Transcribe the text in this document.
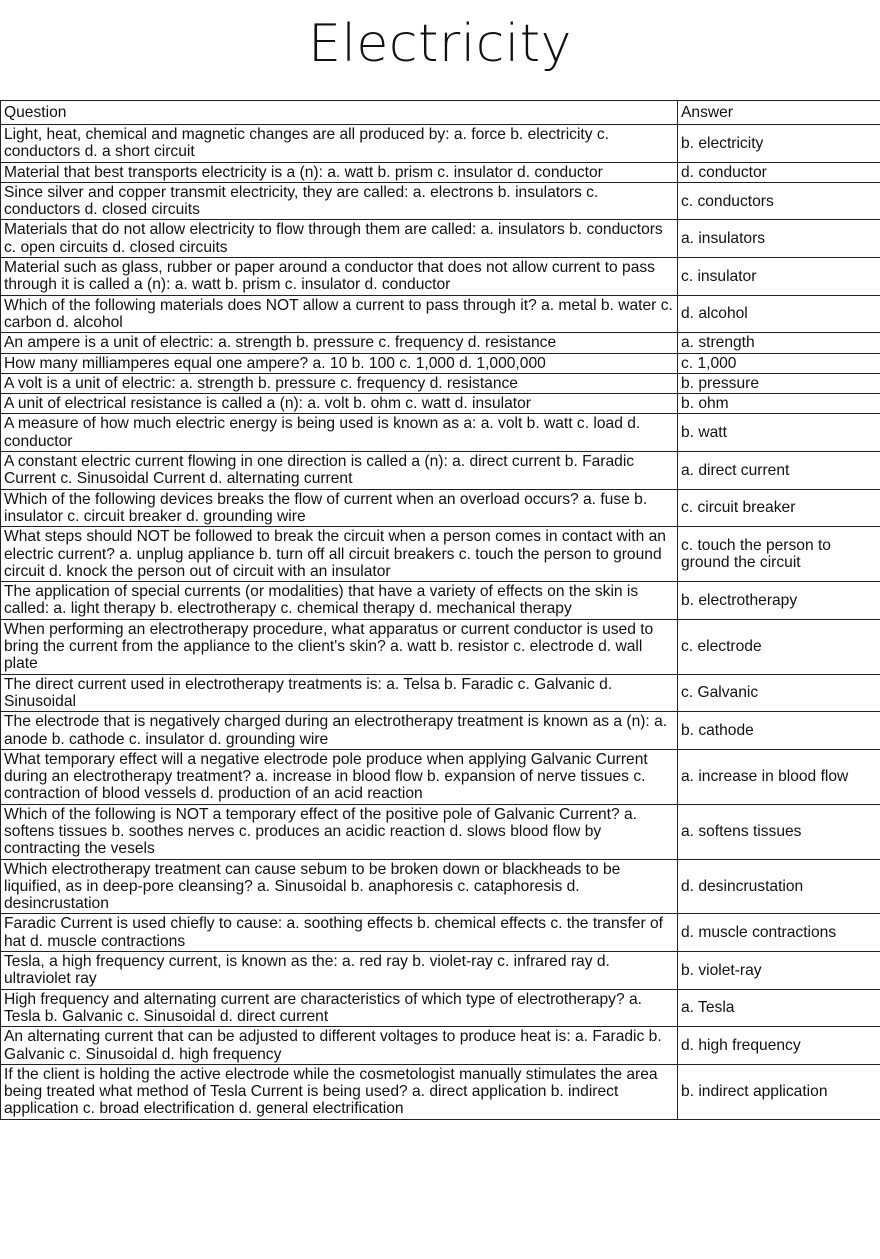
Electricity
Question	Answer
Light, heat, chemical and magnetic changes are all produced by: a. force b. electricity c. conductors d. a short circuit	b. electricity
Material that best transports electricity is a (n): a. watt b. prism c. insulator d. conductor	d. conductor
Since silver and copper transmit electricity, they are called: a. electrons b. insulators c. conductors d. closed circuits	c. conductors
Materials that do not allow electricity to flow through them are called: a. insulators b. conductors c. open circuits d. closed circuits	a. insulators
Material such as glass, rubber or paper around a conductor that does not allow current to pass through it is called a (n): a. watt b. prism c. insulator d. conductor	c. insulator
Which of the following materials does NOT allow a current to pass through it? a. metal b. water c. carbon d. alcohol	d. alcohol
An ampere is a unit of electric: a. strength b. pressure c. frequency d. resistance	a. strength
How many milliamperes equal one ampere? a. 10 b. 100 c. 1,000 d. 1,000,000	c. 1,000
A volt is a unit of electric: a. strength b. pressure c. frequency d. resistance	b. pressure
A unit of electrical resistance is called a (n): a. volt b. ohm c. watt d. insulator	b. ohm
A measure of how much electric energy is being used is known as a: a. volt b. watt c. load d. conductor	b. watt
A constant electric current flowing in one direction is called a (n): a. direct current b. Faradic Current c. Sinusoidal Current d. alternating current	a. direct current
Which of the following devices breaks the flow of current when an overload occurs? a. fuse b. insulator c. circuit breaker d. grounding wire	c. circuit breaker
What steps should NOT be followed to break the circuit when a person comes in contact with an electric current? a. unplug appliance b. turn off all circuit breakers c. touch the person to ground circuit d. knock the person out of circuit with an insulator	c. touch the person to ground the circuit
The application of special currents (or modalities) that have a variety of effects on the skin is called: a. light therapy b. electrotherapy c. chemical therapy d. mechanical therapy	b. electrotherapy
When performing an electrotherapy procedure, what apparatus or current conductor is used to bring the current from the appliance to the client's skin? a. watt b. resistor c. electrode d. wall plate	c. electrode
The direct current used in electrotherapy treatments is: a. Telsa b. Faradic c. Galvanic d. Sinusoidal	c. Galvanic
The electrode that is negatively charged during an electrotherapy treatment is known as a (n): a. anode b. cathode c. insulator d. grounding wire	b. cathode
What temporary effect will a negative electrode pole produce when applying Galvanic Current during an electrotherapy treatment? a. increase in blood flow b. expansion of nerve tissues c. contraction of blood vessels d. production of an acid reaction	a. increase in blood flow
Which of the following is NOT a temporary effect of the positive pole of Galvanic Current? a. softens tissues b. soothes nerves c. produces an acidic reaction d. slows blood flow by contracting the vesels	a. softens tissues
Which electrotherapy treatment can cause sebum to be broken down or blackheads to be liquified, as in deep-pore cleansing? a. Sinusoidal b. anaphoresis c. cataphoresis d. desincrustation	d. desincrustation
Faradic Current is used chiefly to cause: a. soothing effects b. chemical effects c. the transfer of hat d. muscle contractions	d. muscle contractions
Tesla, a high frequency current, is known as the: a. red ray b. violet-ray c. infrared ray d. ultraviolet ray	b. violet-ray
High frequency and alternating current are characteristics of which type of electrotherapy? a. Tesla b. Galvanic c. Sinusoidal d. direct current	a. Tesla
An alternating current that can be adjusted to different voltages to produce heat is: a. Faradic b. Galvanic c. Sinusoidal d. high frequency	d. high frequency
If the client is holding the active electrode while the cosmetologist manually stimulates the area being treated what method of Tesla Current is being used? a. direct application b. indirect application c. broad electrification d. general electrification	b. indirect application
